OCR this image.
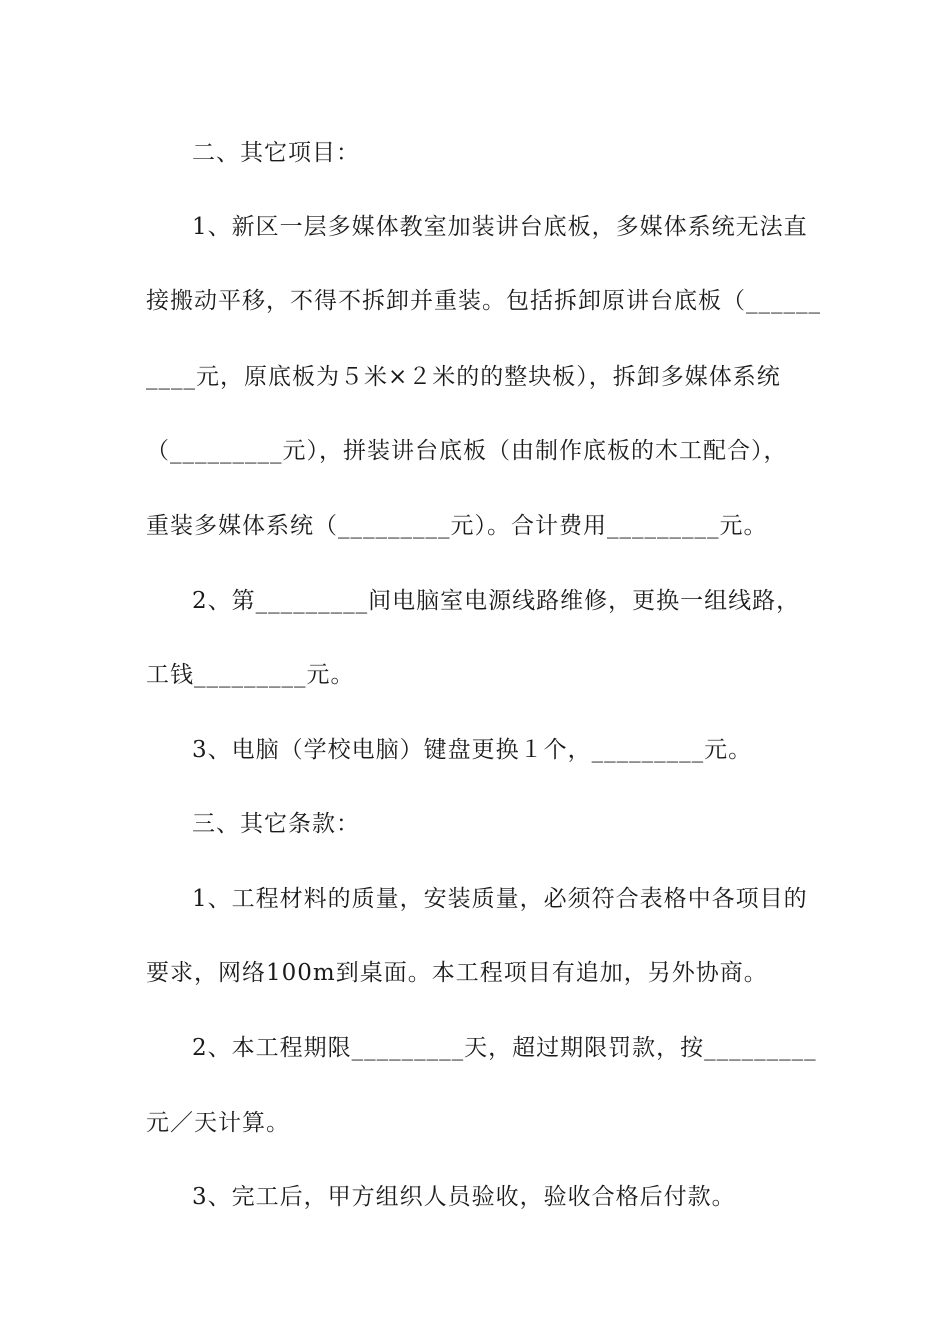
二、其它项目：
1、新区一层多媒体教室加装讲台底板，多媒体系统无法直
接搬动平移，不得不拆卸并重装。包括拆卸原讲台底板（______
____元，原底板为５米×２米的的整块板），拆卸多媒体系统
（_________元），拼装讲台底板（由制作底板的木工配合），
重装多媒体系统（_________元）。合计费用_________元。
2、第_________间电脑室电源线路维修，更换一组线路，
工钱_________元。
3、电脑（学校电脑）键盘更换１个，_________元。
三、其它条款：
1、工程材料的质量，安装质量，必须符合表格中各项目的
要求，网络100m到桌面。本工程项目有追加，另外协商。
2、本工程期限_________天，超过期限罚款，按_________
元／天计算。
3、完工后，甲方组织人员验收，验收合格后付款。
